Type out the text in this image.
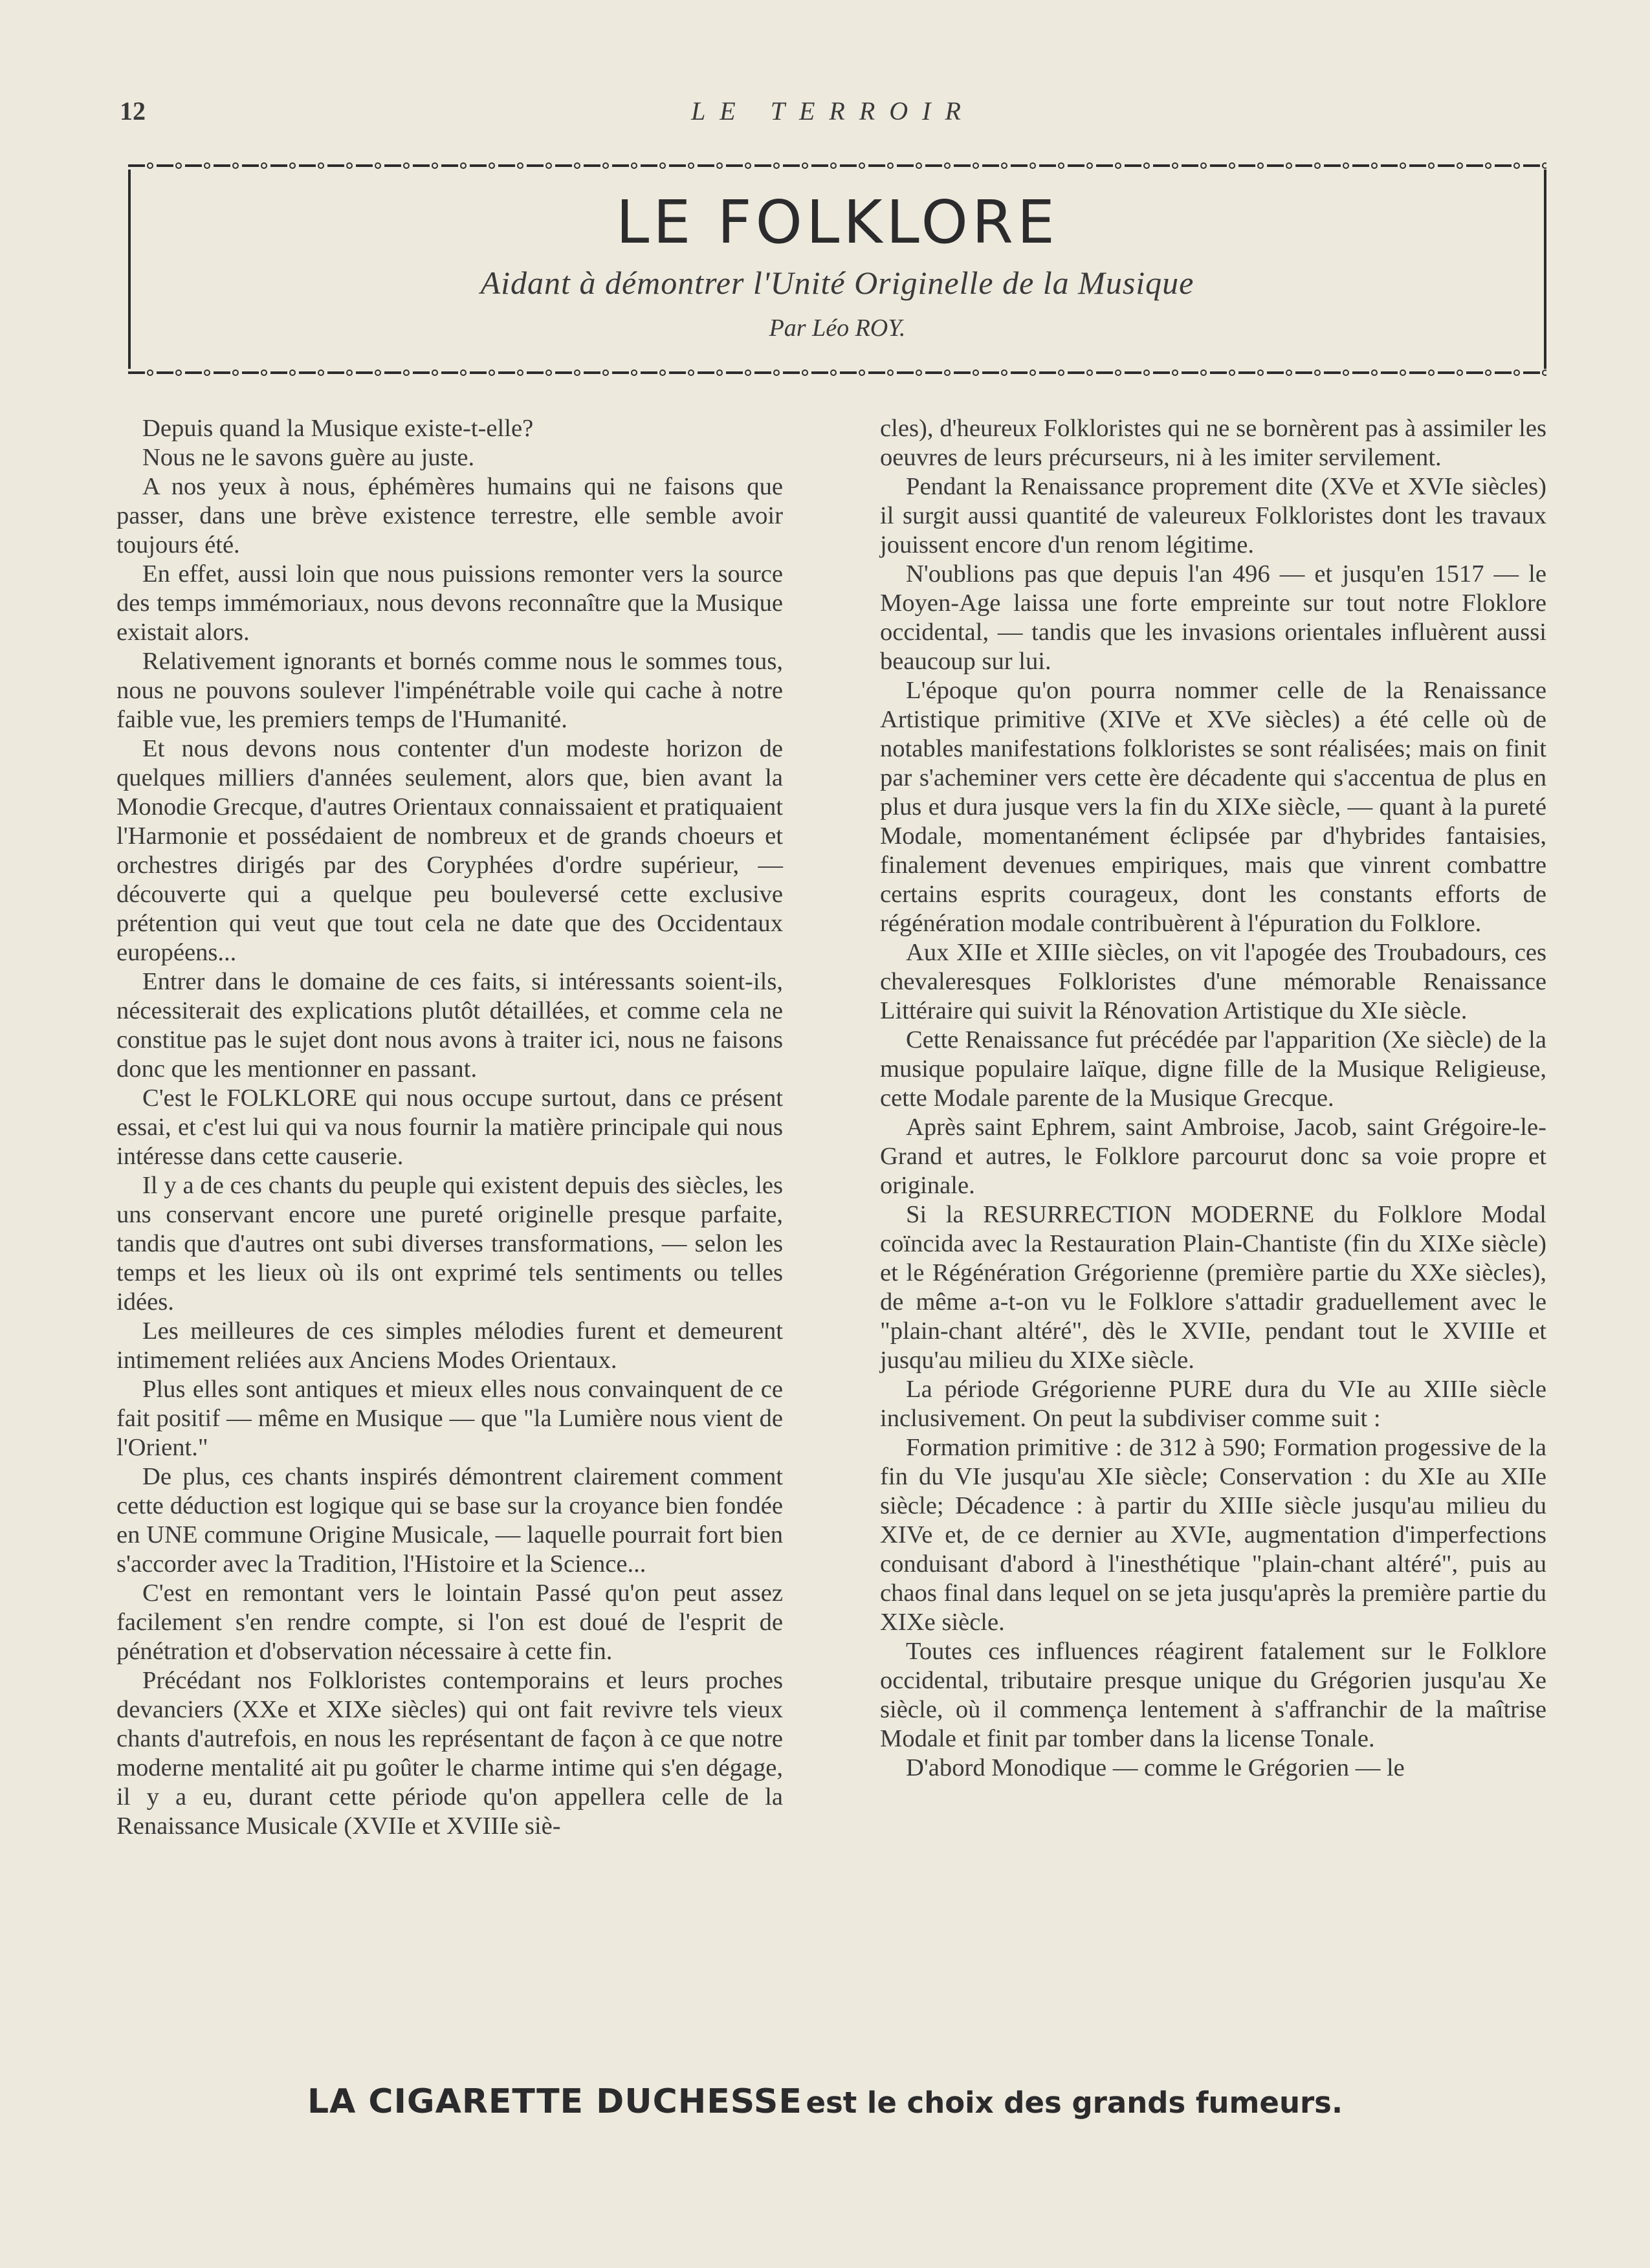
12	LE TERROIR
LE FOLKLORE
Aidant à démontrer l'Unité Originelle de la Musique
Par Léo ROY.

Depuis quand la Musique existe-t-elle?

Nous ne le savons guère au juste.

A nos yeux à nous, éphémères humains qui ne faisons que passer, dans une brève existence terrestre, elle semble avoir toujours été.

En effet, aussi loin que nous puissions remonter vers la source des temps immémoriaux, nous devons reconnaître que la Musique existait alors.

Relativement ignorants et bornés comme nous le sommes tous, nous ne pouvons soulever l'impénétrable voile qui cache à notre faible vue, les premiers temps de l'Humanité.

Et nous devons nous contenter d'un modeste horizon de quelques milliers d'années seulement, alors que, bien avant la Monodie Grecque, d'autres Orientaux connaissaient et pratiquaient l'Harmonie et possédaient de nombreux et de grands choeurs et orchestres dirigés par des Coryphées d'ordre supérieur, — découverte qui a quelque peu bouleversé cette exclusive prétention qui veut que tout cela ne date que des Occidentaux européens...

Entrer dans le domaine de ces faits, si intéressants soient-ils, nécessiterait des explications plutôt détaillées, et comme cela ne constitue pas le sujet dont nous avons à traiter ici, nous ne faisons donc que les mentionner en passant.

C'est le FOLKLORE qui nous occupe surtout, dans ce présent essai, et c'est lui qui va nous fournir la matière principale qui nous intéresse dans cette causerie.

Il y a de ces chants du peuple qui existent depuis des siècles, les uns conservant encore une pureté originelle presque parfaite, tandis que d'autres ont subi diverses transformations, — selon les temps et les lieux où ils ont exprimé tels sentiments ou telles idées.

Les meilleures de ces simples mélodies furent et demeurent intimement reliées aux Anciens Modes Orientaux.

Plus elles sont antiques et mieux elles nous convainquent de ce fait positif — même en Musique — que "la Lumière nous vient de l'Orient."

De plus, ces chants inspirés démontrent clairement comment cette déduction est logique qui se base sur la croyance bien fondée en UNE commune Origine Musicale, — laquelle pourrait fort bien s'accorder avec la Tradition, l'Histoire et la Science...

C'est en remontant vers le lointain Passé qu'on peut assez facilement s'en rendre compte, si l'on est doué de l'esprit de pénétration et d'observation nécessaire à cette fin.

Précédant nos Folkloristes contemporains et leurs proches devanciers (XXe et XIXe siècles) qui ont fait revivre tels vieux chants d'autrefois, en nous les représentant de façon à ce que notre moderne mentalité ait pu goûter le charme intime qui s'en dégage, il y a eu, durant cette période qu'on appellera celle de la Renaissance Musicale (XVIIe et XVIIIe siè-

cles), d'heureux Folkloristes qui ne se bornèrent pas à assimiler les oeuvres de leurs précurseurs, ni à les imiter servilement.

Pendant la Renaissance proprement dite (XVe et XVIe siècles) il surgit aussi quantité de valeureux Folkloristes dont les travaux jouissent encore d'un renom légitime.

N'oublions pas que depuis l'an 496 — et jusqu'en 1517 — le Moyen-Age laissa une forte empreinte sur tout notre Floklore occidental, — tandis que les invasions orientales influèrent aussi beaucoup sur lui.

L'époque qu'on pourra nommer celle de la Renaissance Artistique primitive (XIVe et XVe siècles) a été celle où de notables manifestations folkloristes se sont réalisées; mais on finit par s'acheminer vers cette ère décadente qui s'accentua de plus en plus et dura jusque vers la fin du XIXe siècle, — quant à la pureté Modale, momentanément éclipsée par d'hybrides fantaisies, finalement devenues empiriques, mais que vinrent combattre certains esprits courageux, dont les constants efforts de régénération modale contribuèrent à l'épuration du Folklore.

Aux XIIe et XIIIe siècles, on vit l'apogée des Troubadours, ces chevaleresques Folkloristes d'une mémorable Renaissance Littéraire qui suivit la Rénovation Artistique du XIe siècle.

Cette Renaissance fut précédée par l'apparition (Xe siècle) de la musique populaire laïque, digne fille de la Musique Religieuse, cette Modale parente de la Musique Grecque.

Après saint Ephrem, saint Ambroise, Jacob, saint Grégoire-le-Grand et autres, le Folklore parcourut donc sa voie propre et originale.

Si la RESURRECTION MODERNE du Folklore Modal coïncida avec la Restauration Plain-Chantiste (fin du XIXe siècle) et le Régénération Grégorienne (première partie du XXe siècles), de même a-t-on vu le Folklore s'attadir graduellement avec le "plain-chant altéré", dès le XVIIe, pendant tout le XVIIIe et jusqu'au milieu du XIXe siècle.

La période Grégorienne PURE dura du VIe au XIIIe siècle inclusivement. On peut la subdiviser comme suit :

Formation primitive : de 312 à 590; Formation progessive de la fin du VIe jusqu'au XIe siècle; Conservation : du XIe au XIIe siècle; Décadence : à partir du XIIIe siècle jusqu'au milieu du XIVe et, de ce dernier au XVIe, augmentation d'imperfections conduisant d'abord à l'inesthétique "plain-chant altéré", puis au chaos final dans lequel on se jeta jusqu'après la première partie du XIXe siècle.

Toutes ces influences réagirent fatalement sur le Folklore occidental, tributaire presque unique du Grégorien jusqu'au Xe siècle, où il commença lentement à s'affranchir de la maîtrise Modale et finit par tomber dans la license Tonale.

D'abord Monodique — comme le Grégorien — le

LA CIGARETTE DUCHESSE est le choix des grands fumeurs.
